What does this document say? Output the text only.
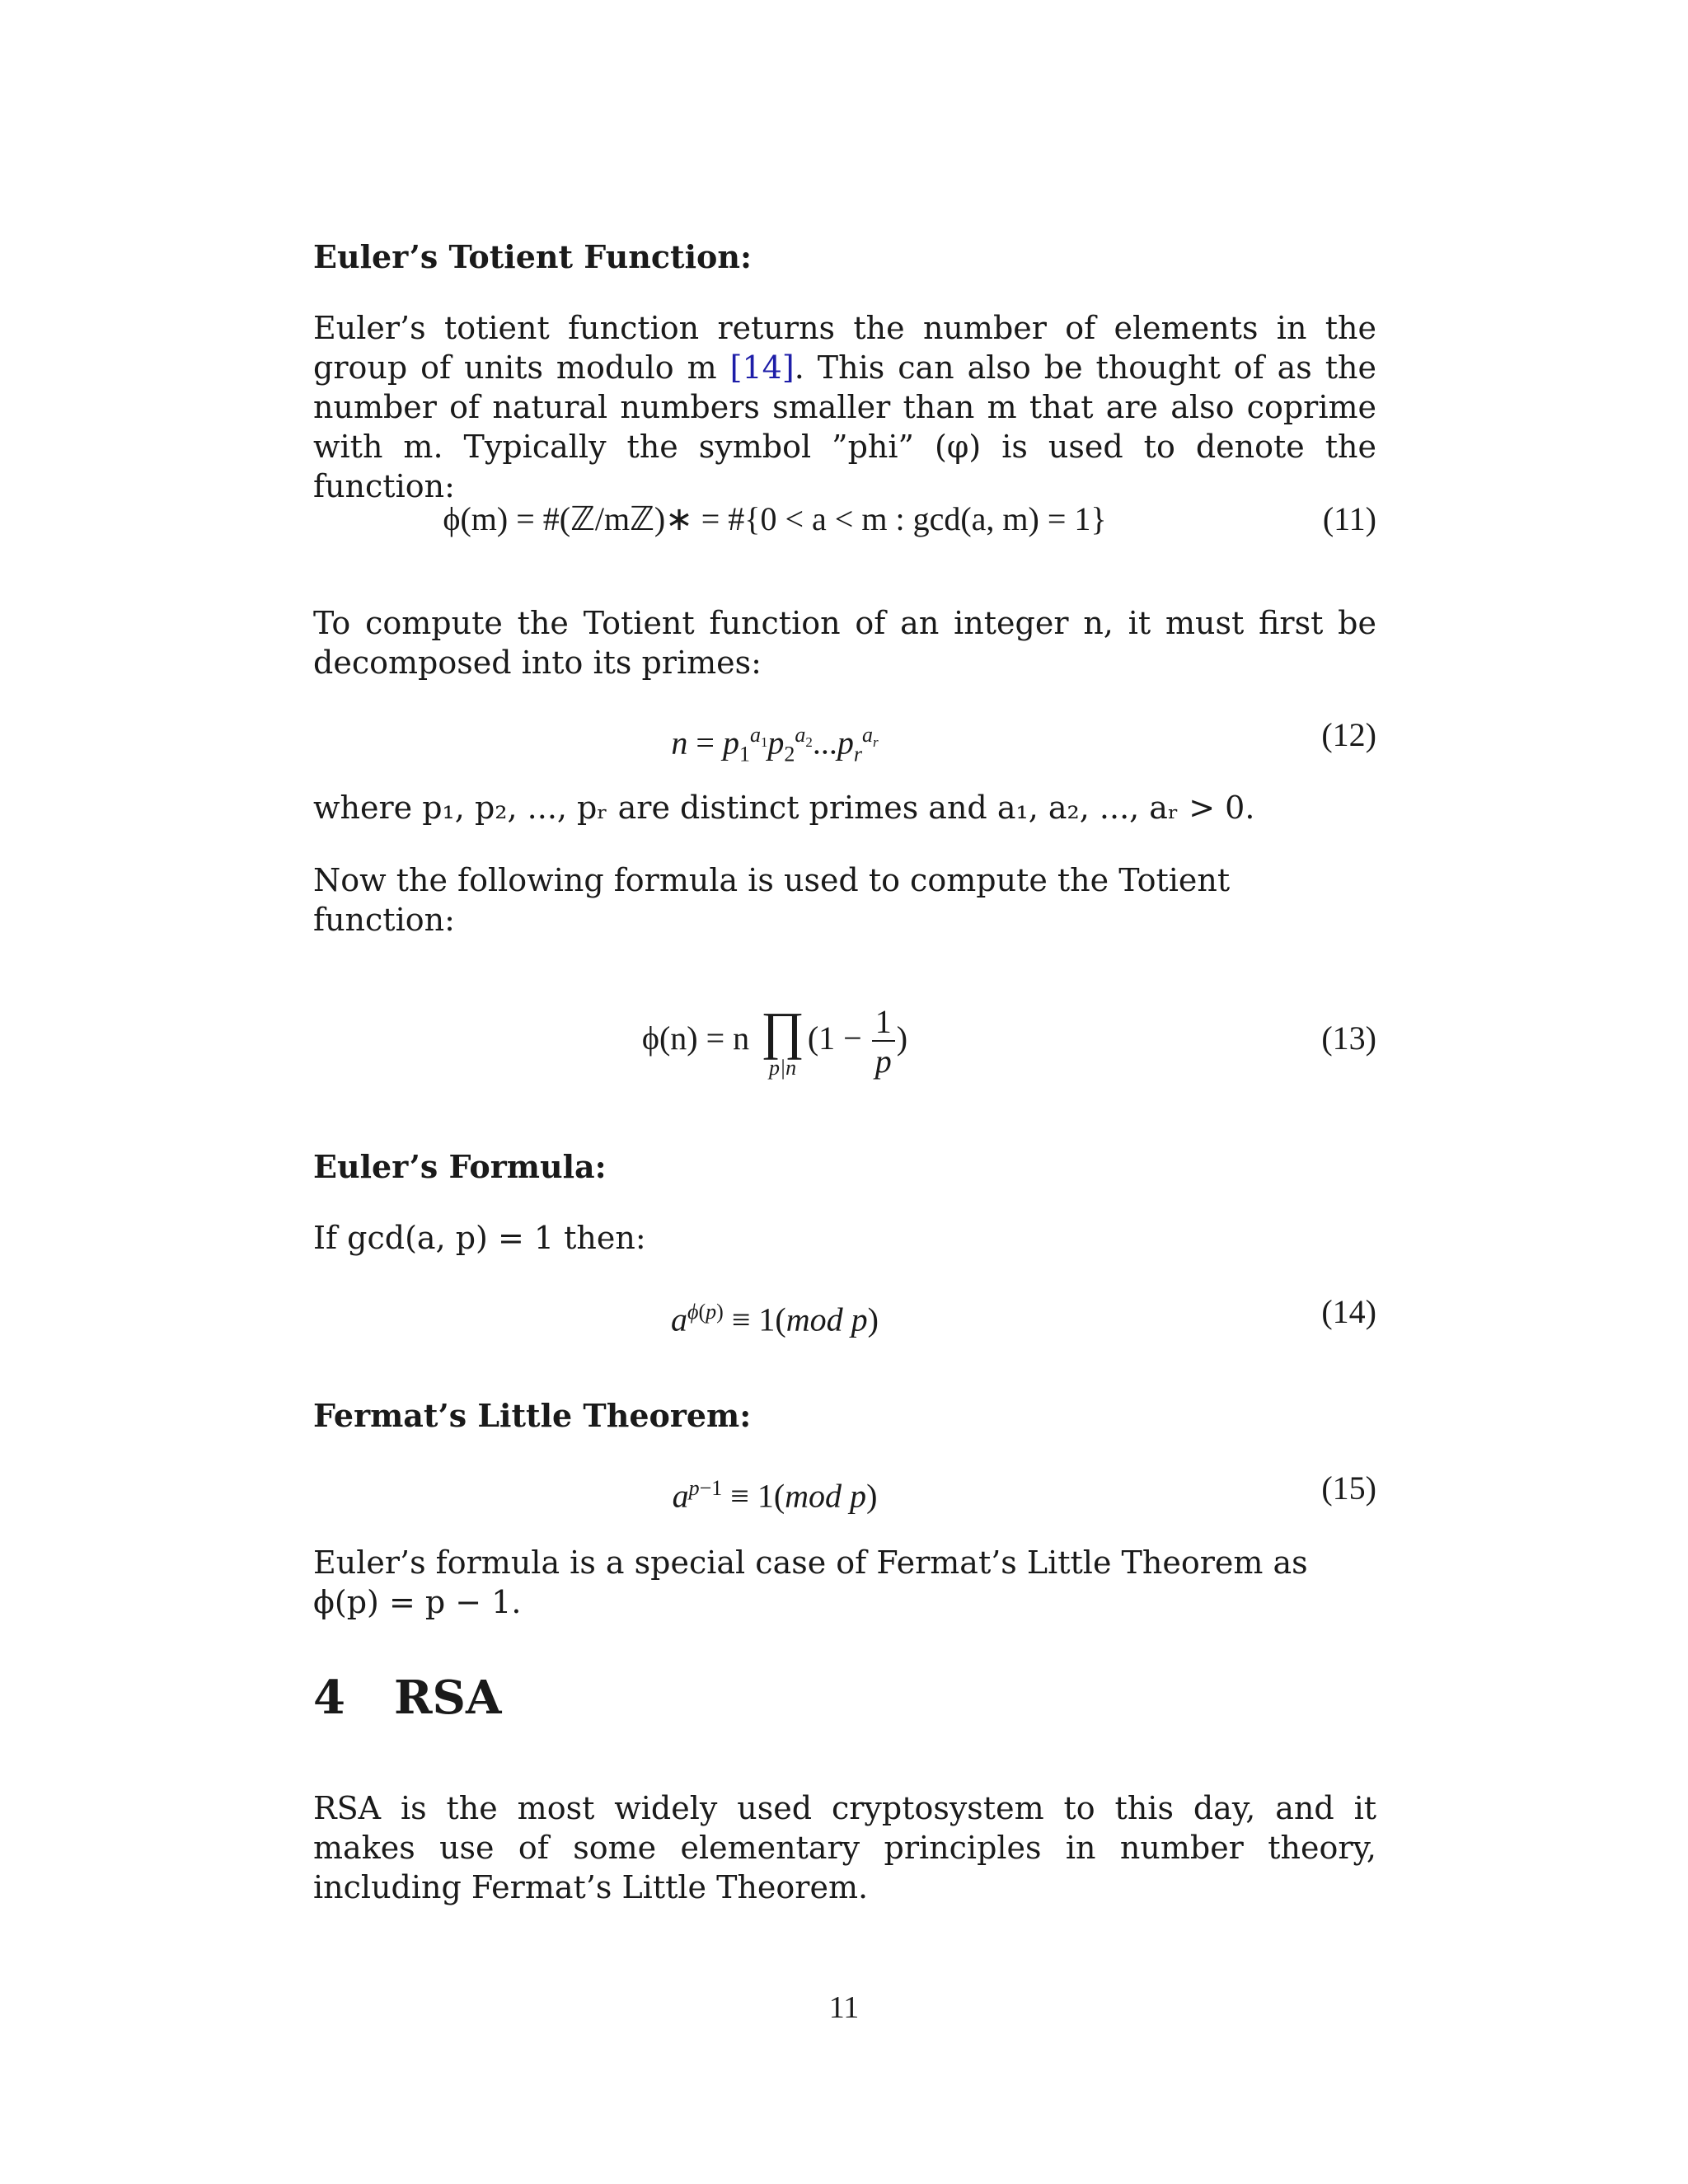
Euler’s Totient Function:
Euler’s totient function returns the number of elements in the group of units modulo m [14]. This can also be thought of as the number of natural numbers smaller than m that are also coprime with m. Typically the symbol ”phi” (φ) is used to denote the function:
ϕ(m) = #(ℤ/mℤ)∗ = #{0 < a < m : gcd(a, m) = 1}	(11)
To compute the Totient function of an integer n, it must first be decomposed into its primes:
$n = p_1^{a_1}p_2^{a_2}...p_r^{a_r}$	(12)
where p₁, p₂, ..., pᵣ are distinct primes and a₁, a₂, ..., aᵣ > 0.
Now the following formula is used to compute the Totient function:
ϕ(n) = n ∏
p|n
($1 - \frac{1}{p}$ )	(13)
Euler’s Formula:
If gcd(a, p) = 1 then:
$a^{\phi(p)} \equiv 1(mod$ p)	(14)
Fermat’s Little Theorem:
$a^{p-1} \equiv 1(mod$ p)	(15)
Euler’s formula is a special case of Fermat’s Little Theorem as ϕ(p) = p − 1.
4 RSA
RSA is the most widely used cryptosystem to this day, and it makes use of some elementary principles in number theory, including Fermat’s Little Theorem.
11
